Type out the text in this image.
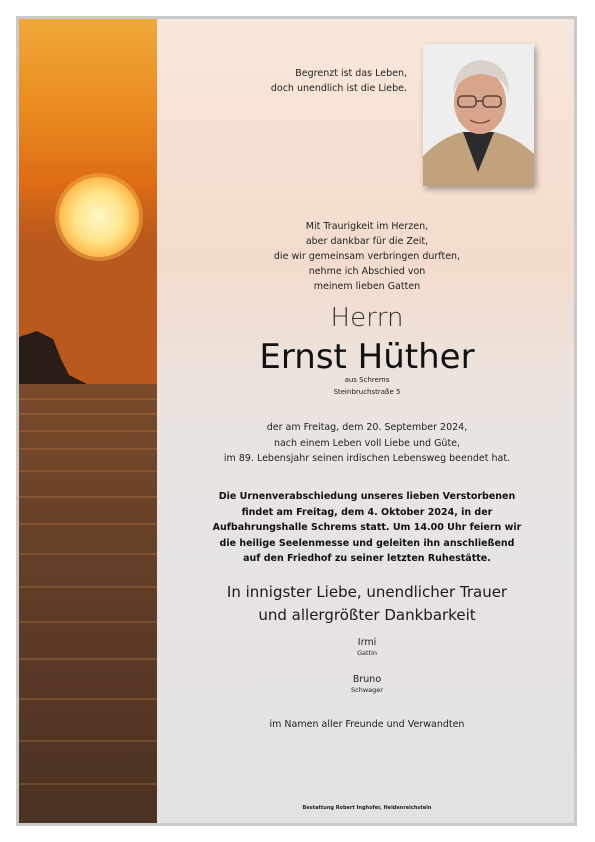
Begrenzt ist das Leben,
doch unendlich ist die Liebe.
Mit Traurigkeit im Herzen,
aber dankbar für die Zeit,
die wir gemeinsam verbringen durften,
nehme ich Abschied von
meinem lieben Gatten
Herrn
Ernst Hüther
aus Schrems
Steinbruchstraße 5
der am Freitag, dem 20. September 2024,
nach einem Leben voll Liebe und Güte,
im 89. Lebensjahr seinen irdischen Lebensweg beendet hat.
Die Urnenverabschiedung unseres lieben Verstorbenen
findet am Freitag, dem 4. Oktober 2024, in der
Aufbahrungshalle Schrems statt. Um 14.00 Uhr feiern wir
die heilige Seelenmesse und geleiten ihn anschließend
auf den Friedhof zu seiner letzten Ruhestätte.
In innigster Liebe, unendlicher Trauer
und allergrößter Dankbarkeit
Irmi
Gattin
Bruno
Schwager
im Namen aller Freunde und Verwandten
Bestattung Robert Inghofer, Heidenreichstein
